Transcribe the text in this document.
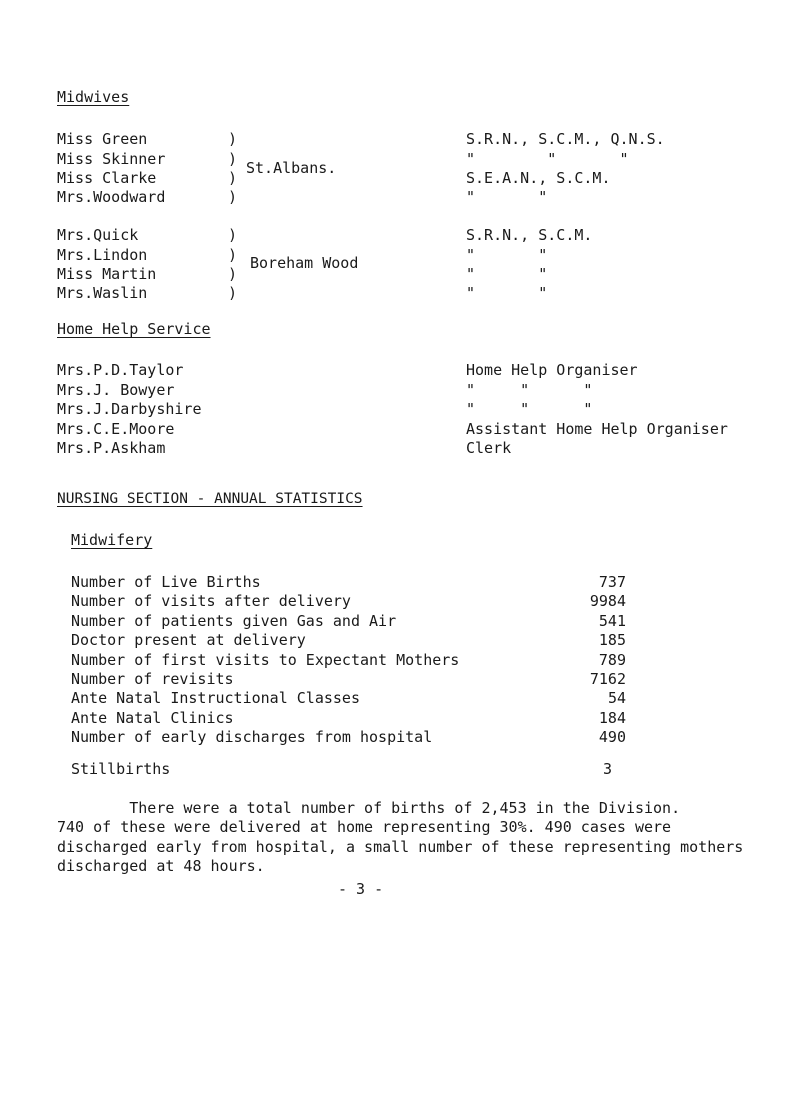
Midwives
Miss Green
Miss Skinner
Miss Clarke
Mrs.Woodward
)
)
)
)
St.Albans.
S.R.N., S.C.M., Q.N.S.
"        "       "
S.E.A.N., S.C.M.
"       "
Mrs.Quick
Mrs.Lindon
Miss Martin
Mrs.Waslin
)
)
)
)
Boreham Wood
S.R.N., S.C.M.
"       "
"       "
"       "
Home Help Service
Mrs.P.D.Taylor
Mrs.J. Bowyer
Mrs.J.Darbyshire
Mrs.C.E.Moore
Mrs.P.Askham
Home Help Organiser
"     "      "
"     "      "
Assistant Home Help Organiser
Clerk
NURSING SECTION - ANNUAL STATISTICS
Midwifery
Number of Live Births
Number of visits after delivery
Number of patients given Gas and Air
Doctor present at delivery
Number of first visits to Expectant Mothers
Number of revisits
Ante Natal Instructional Classes
Ante Natal Clinics
Number of early discharges from hospital
737
9984
541
185
789
7162
54
184
490
Stillbirths	3
There were a total number of births of 2,453 in the Division.
740 of these were delivered at home representing 30%. 490 cases were
discharged early from hospital, a small number of these representing mothers
discharged at 48 hours.
- 3 -
